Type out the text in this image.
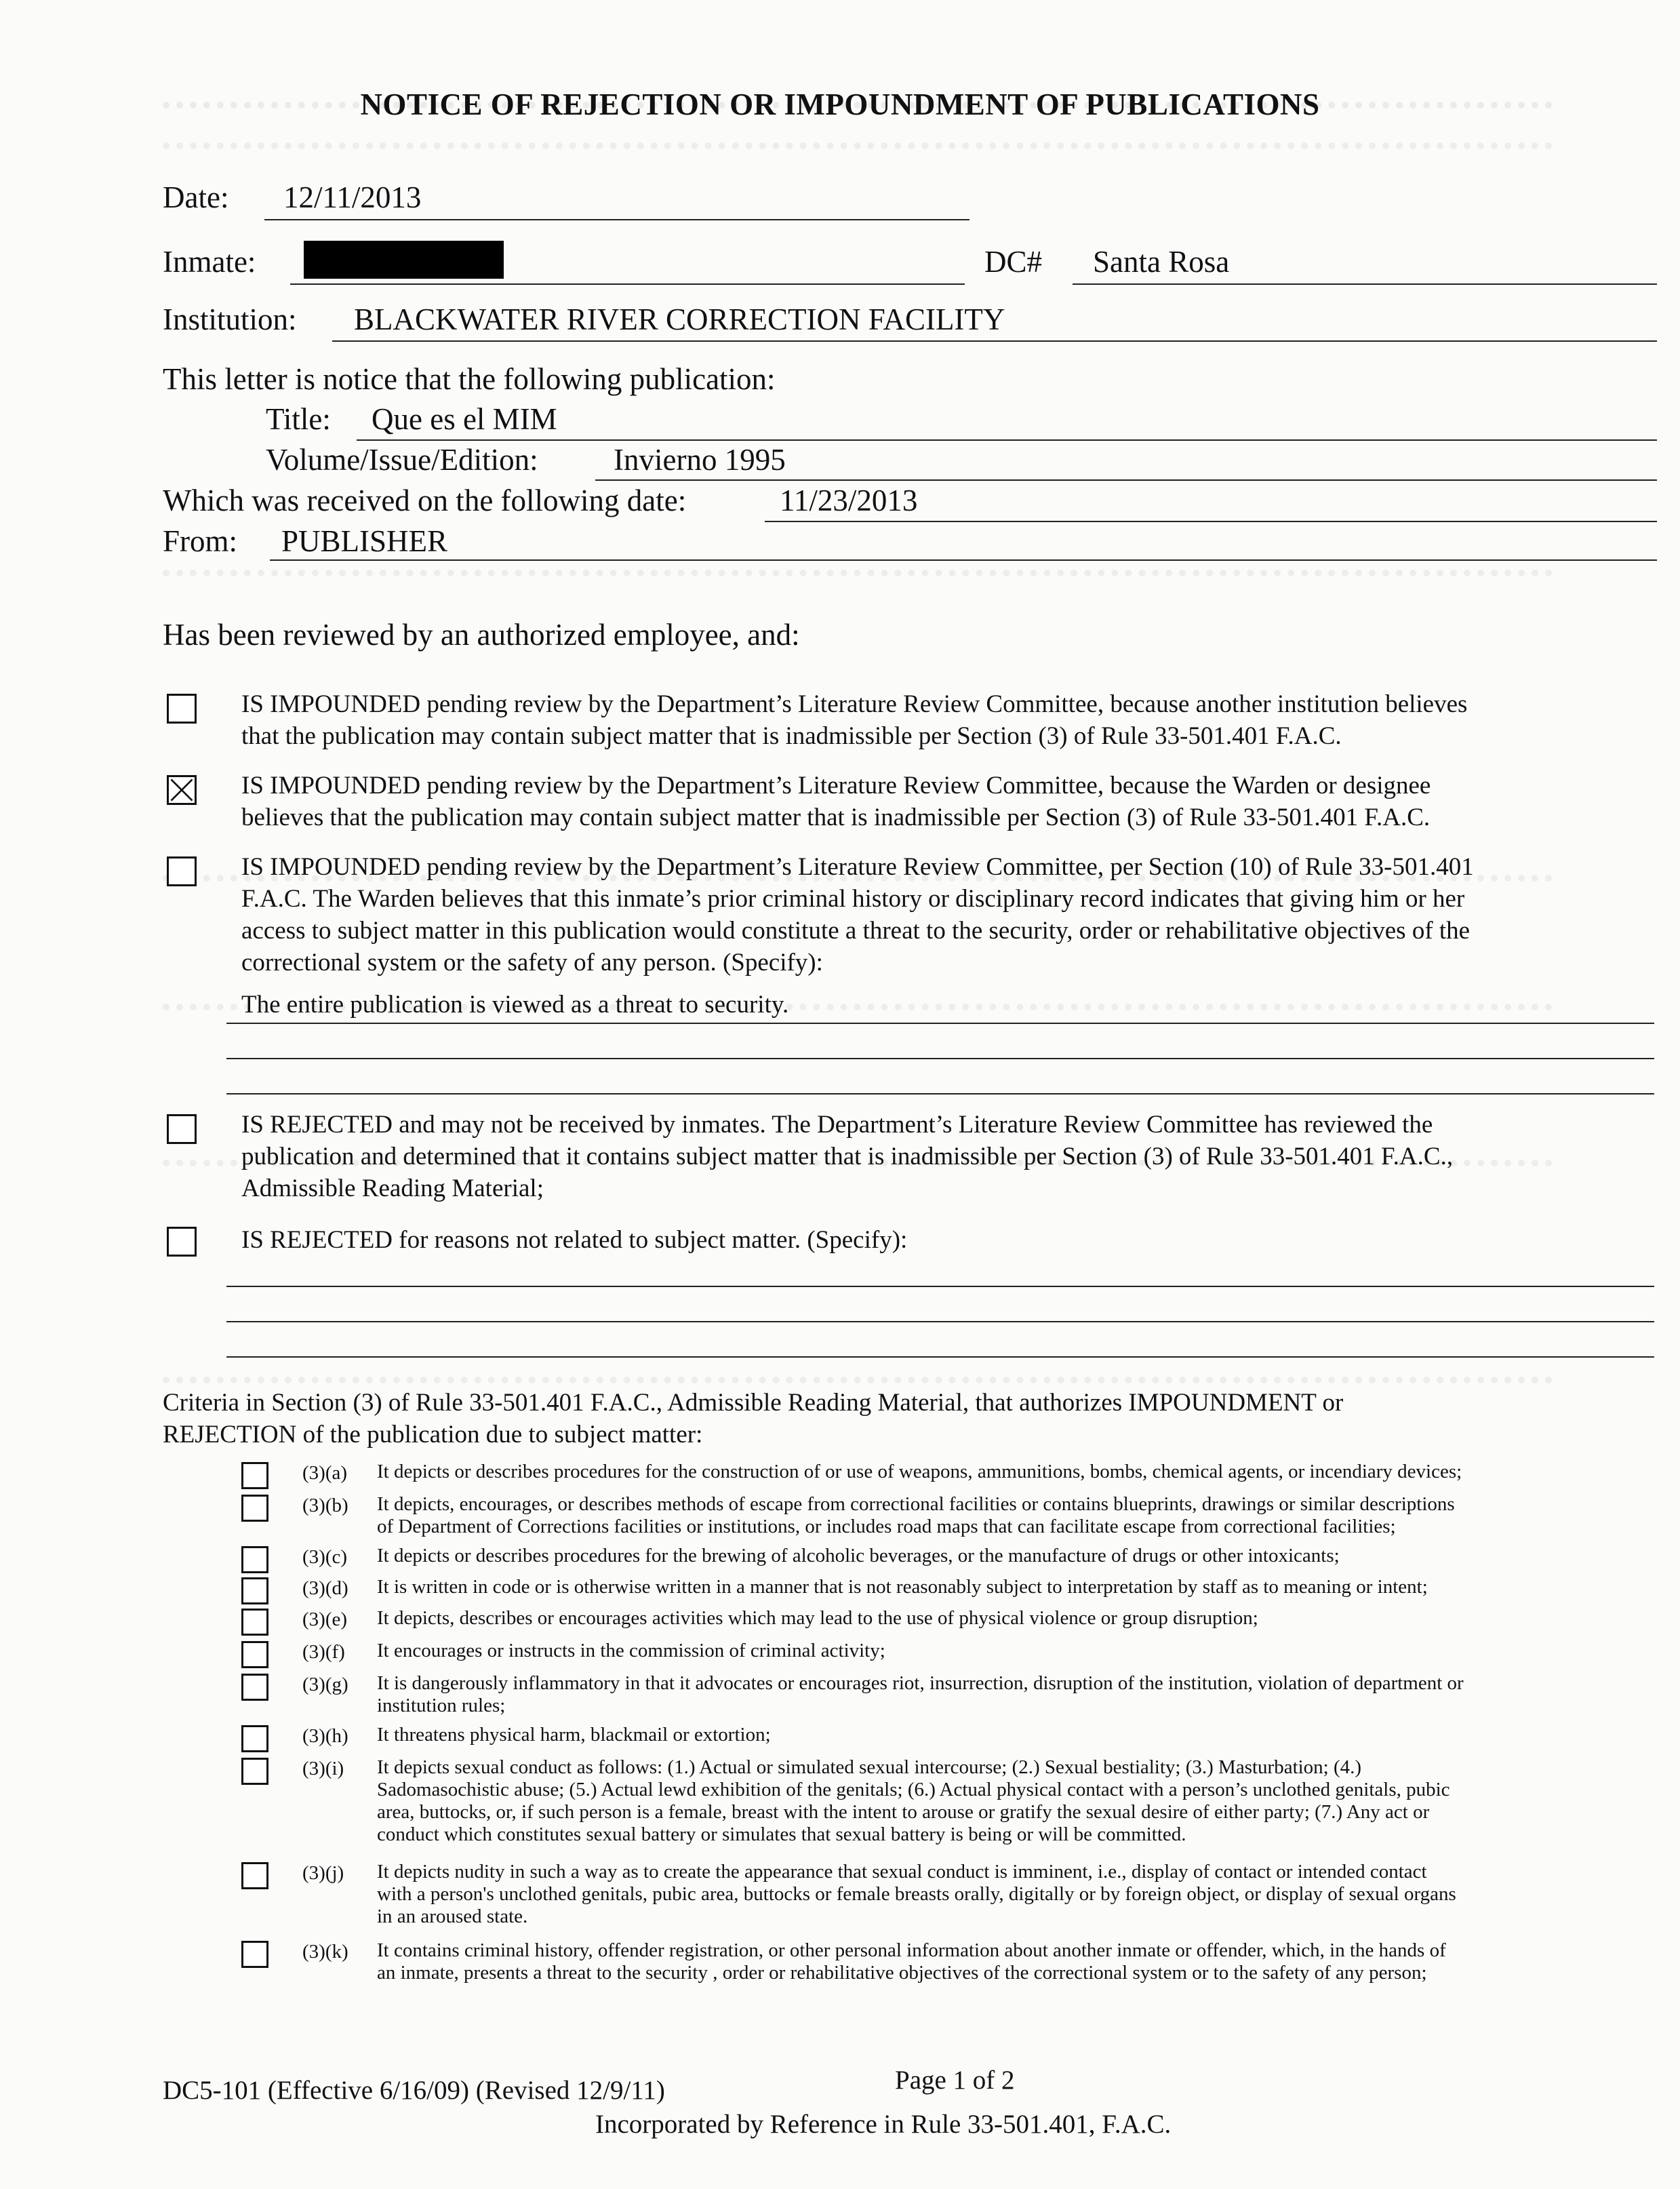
NOTICE OF REJECTION OR IMPOUNDMENT OF PUBLICATIONS
Date: 12/11/2013
Inmate:	DC# Santa Rosa
Institution: BLACKWATER RIVER CORRECTION FACILITY
This letter is notice that the following publication:
Title: Que es el MIM
Volume/Issue/Edition: Invierno 1995
Which was received on the following date:	11/23/2013
From: PUBLISHER
Has been reviewed by an authorized employee, and:

IS IMPOUNDED pending review by the Department’s Literature Review Committee, because another institution believes

that the publication may contain subject matter that is inadmissible per Section (3) of Rule 33-501.401 F.A.C.

IS IMPOUNDED pending review by the Department’s Literature Review Committee, because the Warden or designee

believes that the publication may contain subject matter that is inadmissible per Section (3) of Rule 33-501.401 F.A.C.

IS IMPOUNDED pending review by the Department’s Literature Review Committee, per Section (10) of Rule 33-501.401

F.A.C. The Warden believes that this inmate’s prior criminal history or disciplinary record indicates that giving him or her

access to subject matter in this publication would constitute a threat to the security, order or rehabilitative objectives of the

correctional system or the safety of any person. (Specify):

The entire publication is viewed as a threat to security.

IS REJECTED and may not be received by inmates. The Department’s Literature Review Committee has reviewed the

publication and determined that it contains subject matter that is inadmissible per Section (3) of Rule 33-501.401 F.A.C.,

Admissible Reading Material;

IS REJECTED for reasons not related to subject matter. (Specify):

Criteria in Section (3) of Rule 33-501.401 F.A.C., Admissible Reading Material, that authorizes IMPOUNDMENT or

REJECTION of the publication due to subject matter:

(3)(a) It depicts or describes procedures for the construction of or use of weapons, ammunitions, bombs, chemical agents, or incendiary devices;
(3)(b) It depicts, encourages, or describes methods of escape from correctional facilities or contains blueprints, drawings or similar descriptions
of Department of Corrections facilities or institutions, or includes road maps that can facilitate escape from correctional facilities;
(3)(c) It depicts or describes procedures for the brewing of alcoholic beverages, or the manufacture of drugs or other intoxicants;
(3)(d) It is written in code or is otherwise written in a manner that is not reasonably subject to interpretation by staff as to meaning or intent;
(3)(e) It depicts, describes or encourages activities which may lead to the use of physical violence or group disruption;
(3)(f) It encourages or instructs in the commission of criminal activity;
(3)(g) It is dangerously inflammatory in that it advocates or encourages riot, insurrection, disruption of the institution, violation of department or
institution rules;
(3)(h) It threatens physical harm, blackmail or extortion;
(3)(i) It depicts sexual conduct as follows: (1.) Actual or simulated sexual intercourse; (2.) Sexual bestiality; (3.) Masturbation; (4.)
Sadomasochistic abuse; (5.) Actual lewd exhibition of the genitals; (6.) Actual physical contact with a person’s unclothed genitals, pubic
area, buttocks, or, if such person is a female, breast with the intent to arouse or gratify the sexual desire of either party; (7.) Any act or
conduct which constitutes sexual battery or simulates that sexual battery is being or will be committed.
(3)(j) It depicts nudity in such a way as to create the appearance that sexual conduct is imminent, i.e., display of contact or intended contact
with a person's unclothed genitals, pubic area, buttocks or female breasts orally, digitally or by foreign object, or display of sexual organs
in an aroused state.
(3)(k) It contains criminal history, offender registration, or other personal information about another inmate or offender, which, in the hands of
an inmate, presents a threat to the security , order or rehabilitative objectives of the correctional system or to the safety of any person;
DC5-101 (Effective 6/16/09) (Revised 12/9/11)	Page 1 of 2
Incorporated by Reference in Rule 33-501.401, F.A.C.
